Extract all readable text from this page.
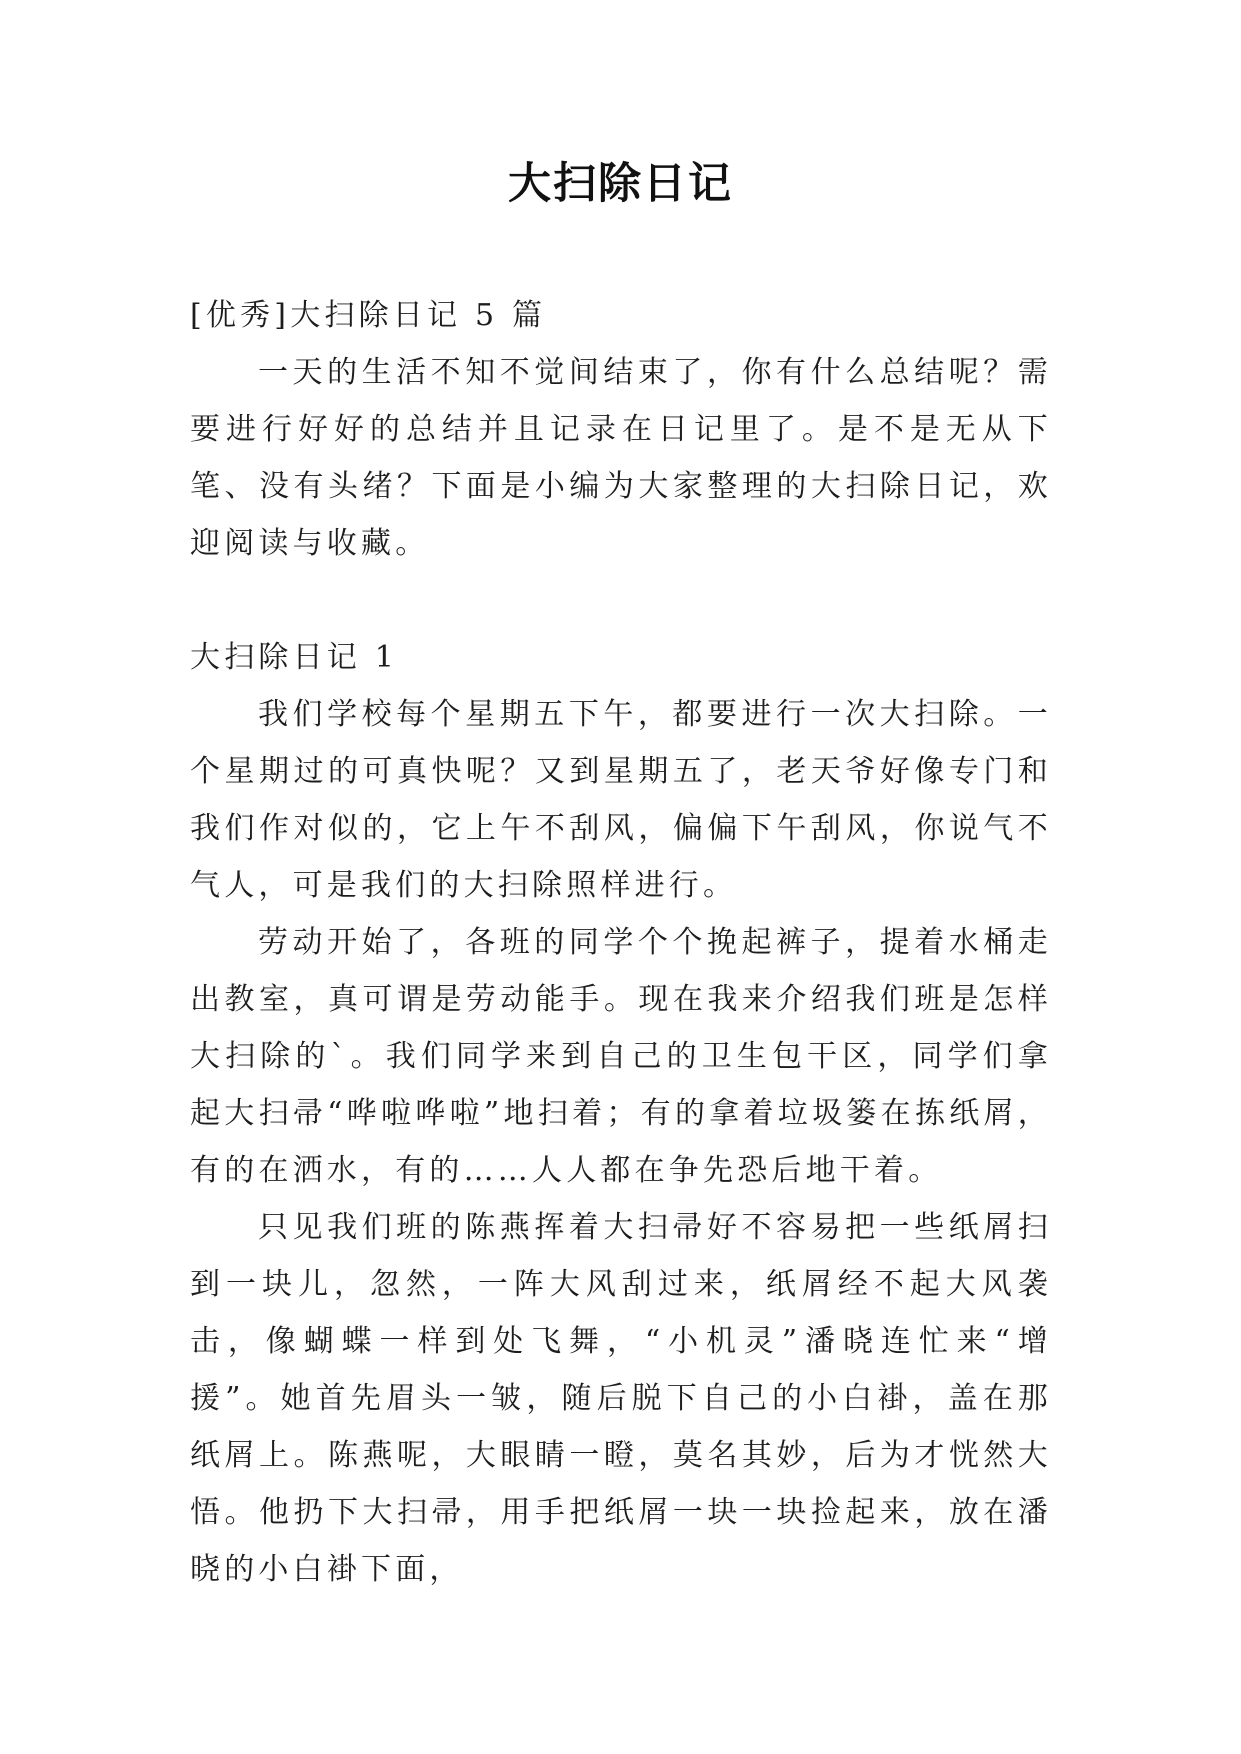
大扫除日记

[优秀]大扫除日记 5 篇

一天的生活不知不觉间结束了，你有什么总结呢？需要进行好好的总结并且记录在日记里了。是不是无从下笔、没有头绪？下面是小编为大家整理的大扫除日记，欢迎阅读与收藏。

大扫除日记 1

我们学校每个星期五下午，都要进行一次大扫除。一个星期过的可真快呢？又到星期五了，老天爷好像专门和我们作对似的，它上午不刮风，偏偏下午刮风，你说气不气人，可是我们的大扫除照样进行。

劳动开始了，各班的同学个个挽起裤子，提着水桶走出教室，真可谓是劳动能手。现在我来介绍我们班是怎样大扫除的`。我们同学来到自己的卫生包干区，同学们拿起大扫帚“哗啦哗啦”地扫着；有的拿着垃圾篓在拣纸屑，有的在洒水，有的……人人都在争先恐后地干着。

只见我们班的陈燕挥着大扫帚好不容易把一些纸屑扫到一块儿，忽然，一阵大风刮过来，纸屑经不起大风袭击，像蝴蝶一样到处飞舞，“小机灵”潘晓连忙来“增援”。她首先眉头一皱，随后脱下自己的小白褂，盖在那纸屑上。陈燕呢，大眼睛一瞪，莫名其妙，后为才恍然大悟。他扔下大扫帚，用手把纸屑一块一块捡起来，放在潘晓的小白褂下面，
